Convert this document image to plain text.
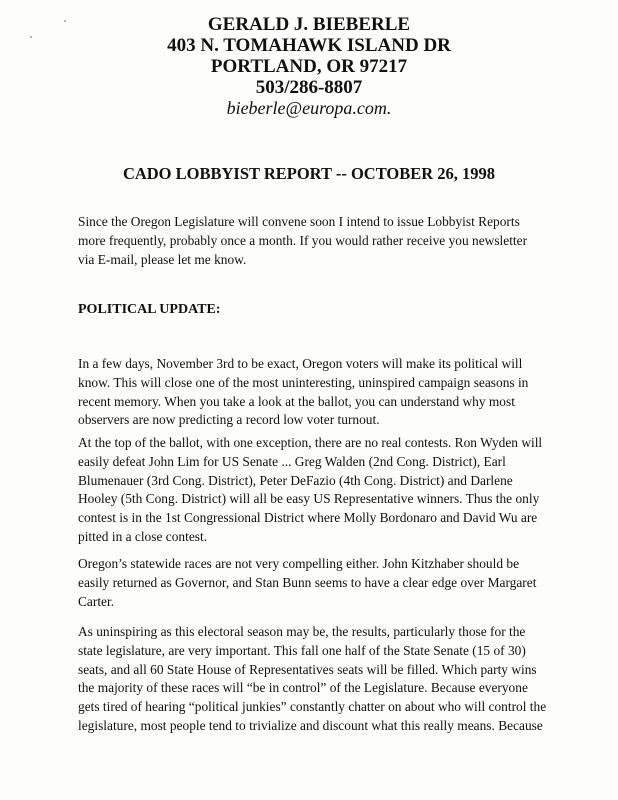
GERALD J. BIEBERLE
403 N. TOMAHAWK ISLAND DR
PORTLAND, OR 97217
503/286-8807
bieberle@europa.com.
CADO LOBBYIST REPORT -- OCTOBER 26, 1998
Since the Oregon Legislature will convene soon I intend to issue Lobbyist Reports
more frequently, probably once a month. If you would rather receive you newsletter
via E-mail, please let me know.
POLITICAL UPDATE:
In a few days, November 3rd to be exact, Oregon voters will make its political will
know. This will close one of the most uninteresting, uninspired campaign seasons in
recent memory. When you take a look at the ballot, you can understand why most
observers are now predicting a record low voter turnout.
At the top of the ballot, with one exception, there are no real contests. Ron Wyden will
easily defeat John Lim for US Senate ... Greg Walden (2nd Cong. District), Earl
Blumenauer (3rd Cong. District), Peter DeFazio (4th Cong. District) and Darlene
Hooley (5th Cong. District) will all be easy US Representative winners. Thus the only
contest is in the 1st Congressional District where Molly Bordonaro and David Wu are
pitted in a close contest.
Oregon’s statewide races are not very compelling either. John Kitzhaber should be
easily returned as Governor, and Stan Bunn seems to have a clear edge over Margaret
Carter.
As uninspiring as this electoral season may be, the results, particularly those for the
state legislature, are very important. This fall one half of the State Senate (15 of 30)
seats, and all 60 State House of Representatives seats will be filled. Which party wins
the majority of these races will “be in control” of the Legislature. Because everyone
gets tired of hearing “political junkies” constantly chatter on about who will control the
legislature, most people tend to trivialize and discount what this really means. Because
